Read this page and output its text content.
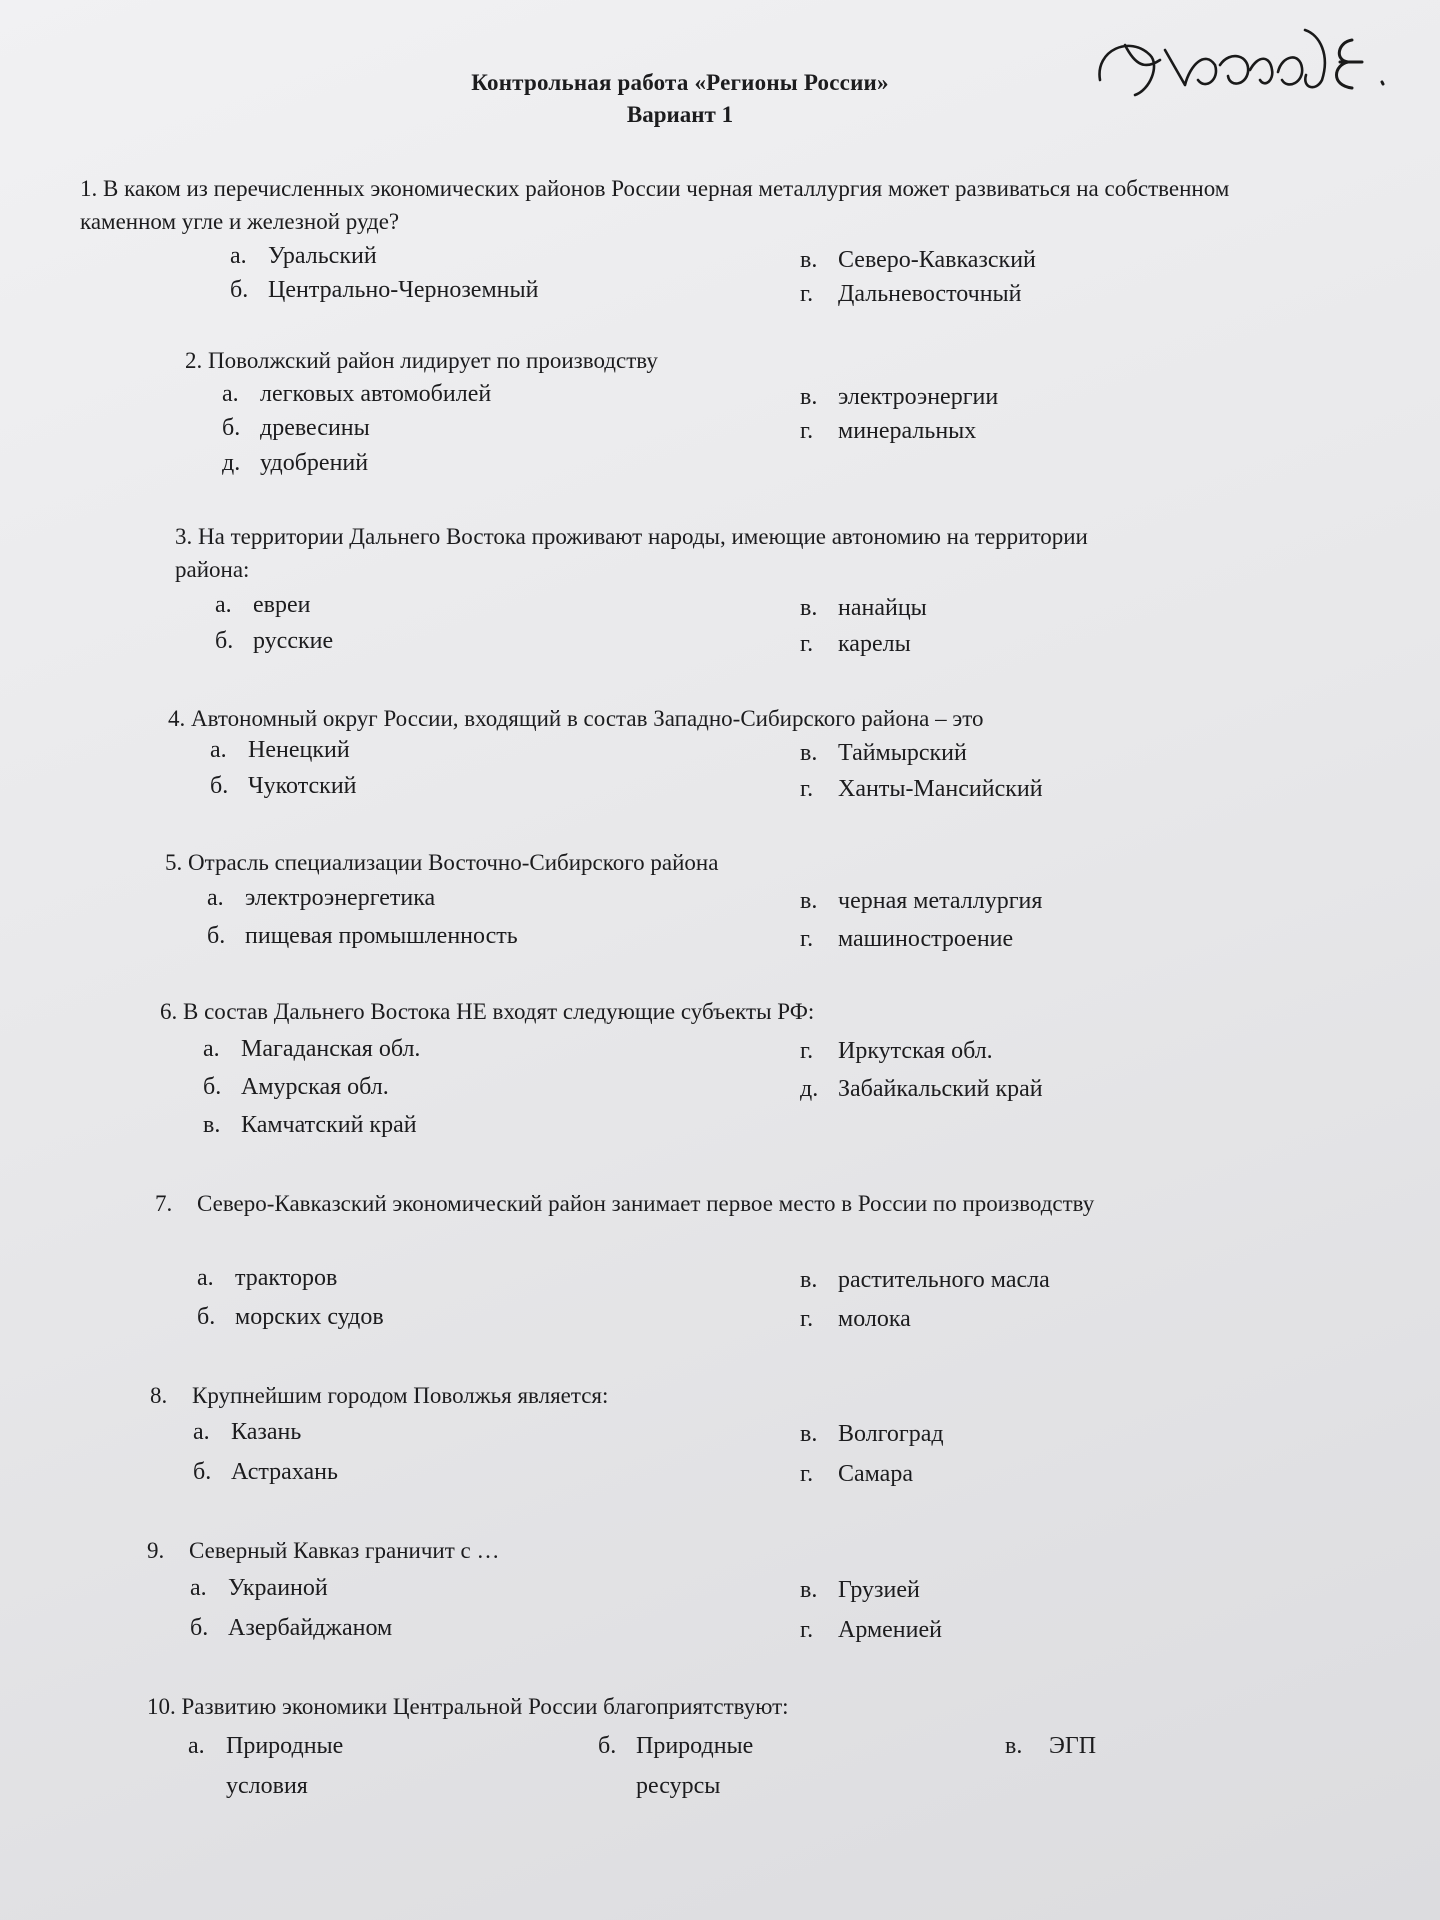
Контрольная работа «Регионы России»
Вариант 1
1. В каком из перечисленных экономических районов России черная металлургия может развиваться на собственном каменном угле и железной руде?
а. Уральский
б. Центрально-Черноземный
в. Северо-Кавказский
г. Дальневосточный
2. Поволжский район лидирует по производству
а. легковых автомобилей
б. древесины
д. удобрений
в. электроэнергии
г. минеральных
3. На территории Дальнего Востока проживают народы, имеющие автономию на территории района:
а. евреи
б. русские
в. нанайцы
г. карелы
4. Автономный округ России, входящий в состав Западно-Сибирского района – это
а. Ненецкий
б. Чукотский
в. Таймырский
г. Ханты-Мансийский
5. Отрасль специализации Восточно-Сибирского района
а. электроэнергетика
б. пищевая промышленность
в. черная металлургия
г. машиностроение
6. В состав Дальнего Востока НЕ входят следующие субъекты РФ:
а. Магаданская обл.
б. Амурская обл.
в. Камчатский край
г. Иркутская обл.
д. Забайкальский край
7. Северо-Кавказский экономический район занимает первое место в России по производству
а. тракторов
б. морских судов
в. растительного масла
г. молока
8. Крупнейшим городом Поволжья является:
а. Казань
б. Астрахань
в. Волгоград
г. Самара
9. Северный Кавказ граничит с …
а. Украиной
б. Азербайджаном
в. Грузией
г. Арменией
10. Развитию экономики Центральной России благоприятствуют:
а. Природные
условия
б. Природные
ресурсы
в. ЭГП
